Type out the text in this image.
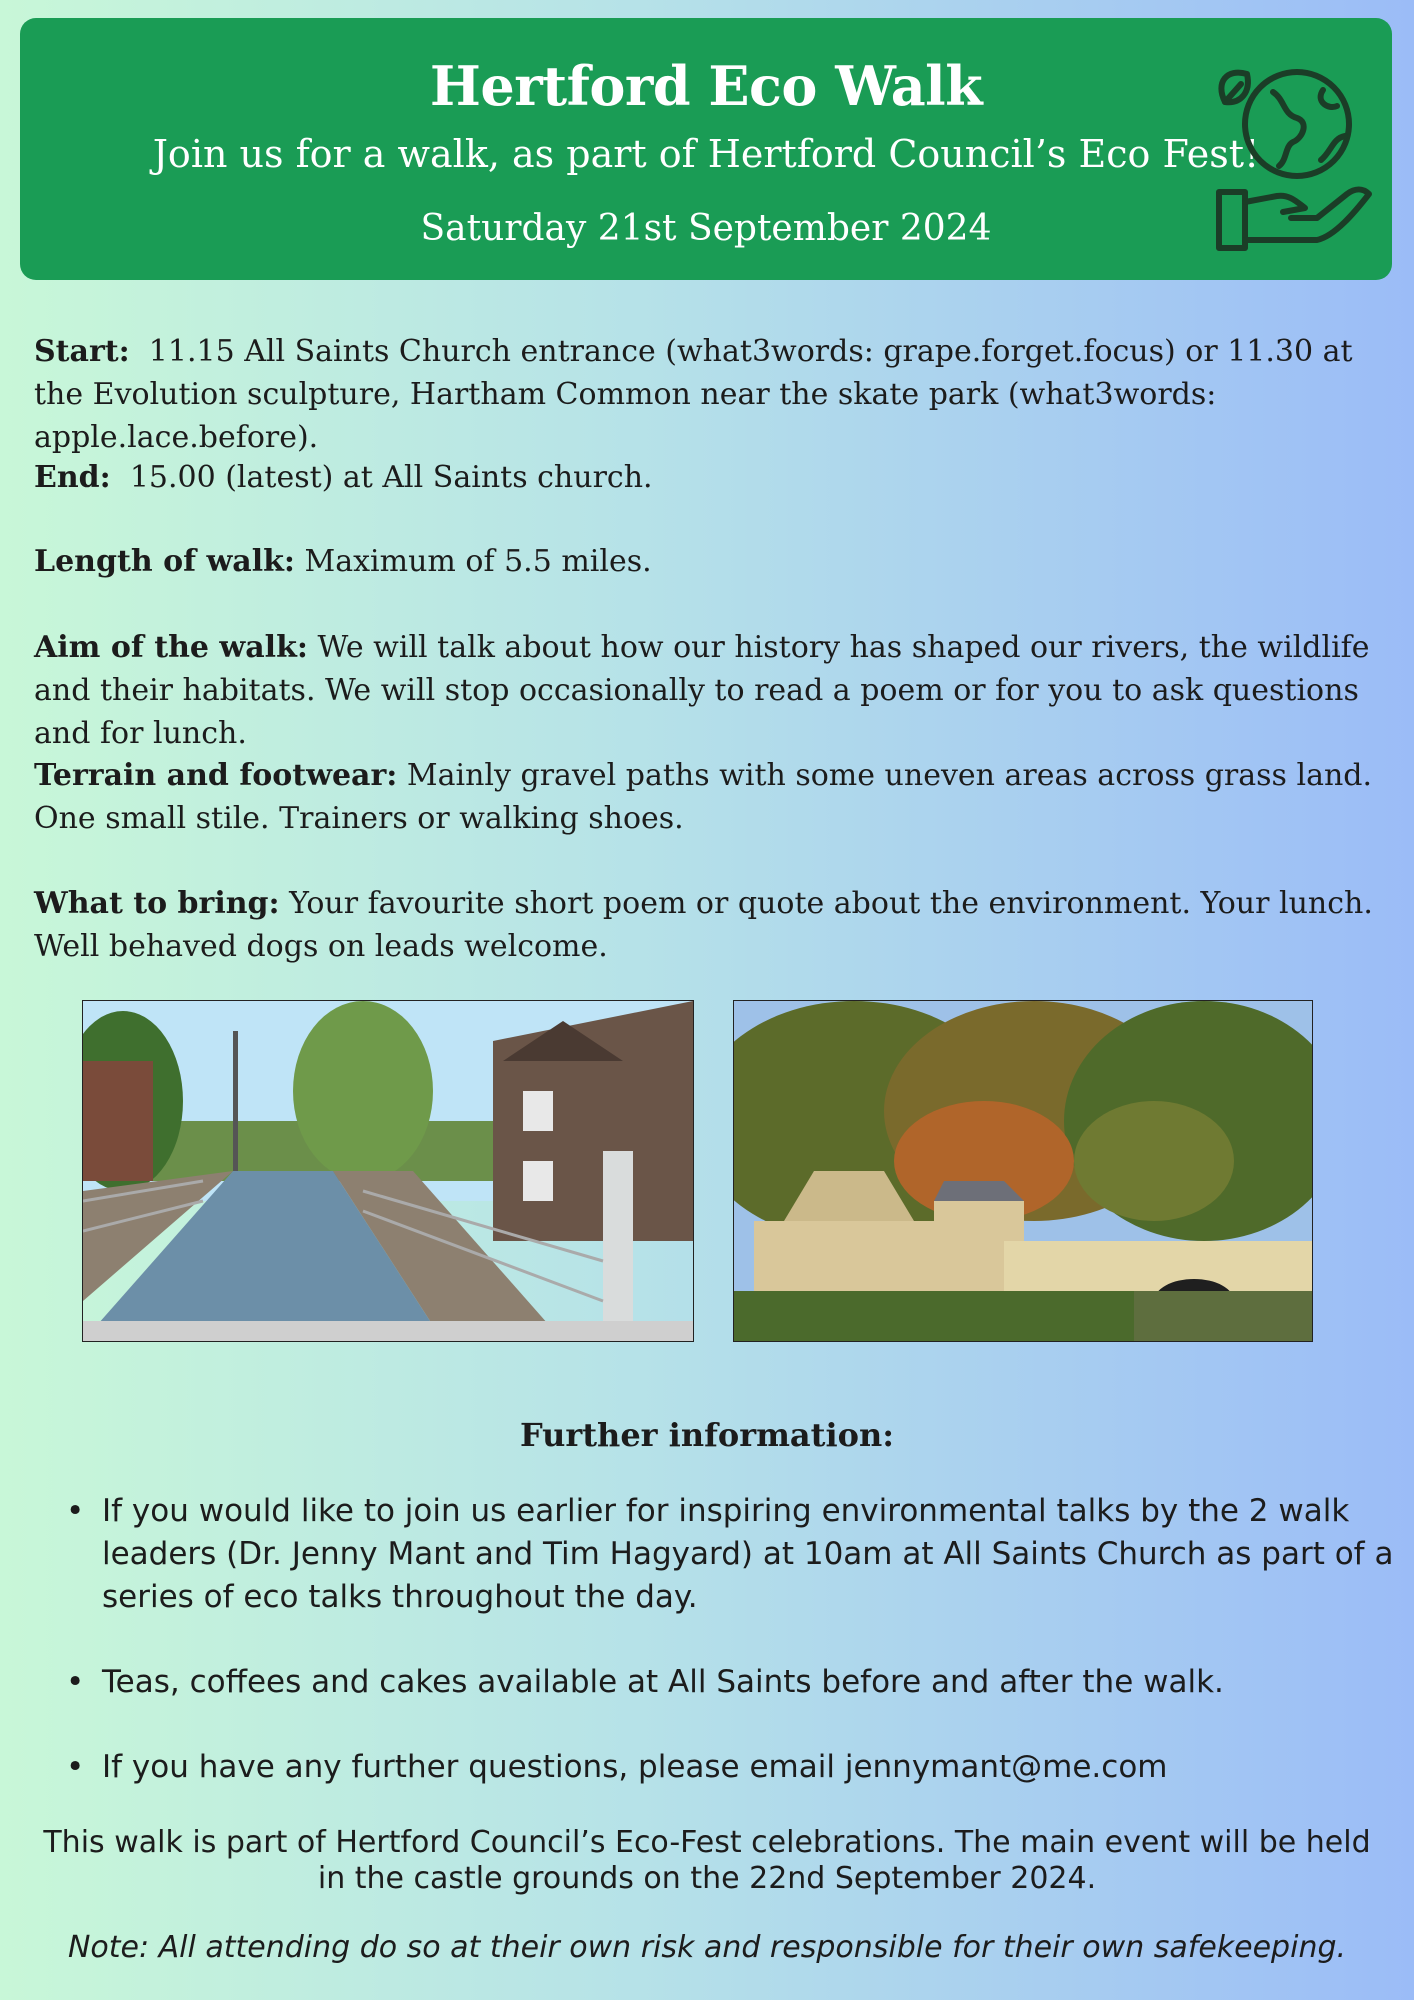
Hertford Eco Walk
Join us for a walk, as part of Hertford Council’s Eco Fest!
Saturday 21st September 2024
Start: 11.15 All Saints Church entrance (what3words: grape.forget.focus) or 11.30 at the Evolution sculpture, Hartham Common near the skate park (what3words: apple.lace.before).
End: 15.00 (latest) at All Saints church.
Length of walk: Maximum of 5.5 miles.
Aim of the walk: We will talk about how our history has shaped our rivers, the wildlife and their habitats. We will stop occasionally to read a poem or for you to ask questions and for lunch.
Terrain and footwear: Mainly gravel paths with some uneven areas across grass land. One small stile. Trainers or walking shoes.
What to bring: Your favourite short poem or quote about the environment. Your lunch. Well behaved dogs on leads welcome.
Further information:
• If you would like to join us earlier for inspiring environmental talks by the 2 walk leaders (Dr. Jenny Mant and Tim Hagyard) at 10am at All Saints Church as part of a series of eco talks throughout the day.
• Teas, coffees and cakes available at All Saints before and after the walk.
• If you have any further questions, please email jennymant@me.com
This walk is part of Hertford Council’s Eco-Fest celebrations. The main event will be held in the castle grounds on the 22nd September 2024.
Note: All attending do so at their own risk and responsible for their own safekeeping.
